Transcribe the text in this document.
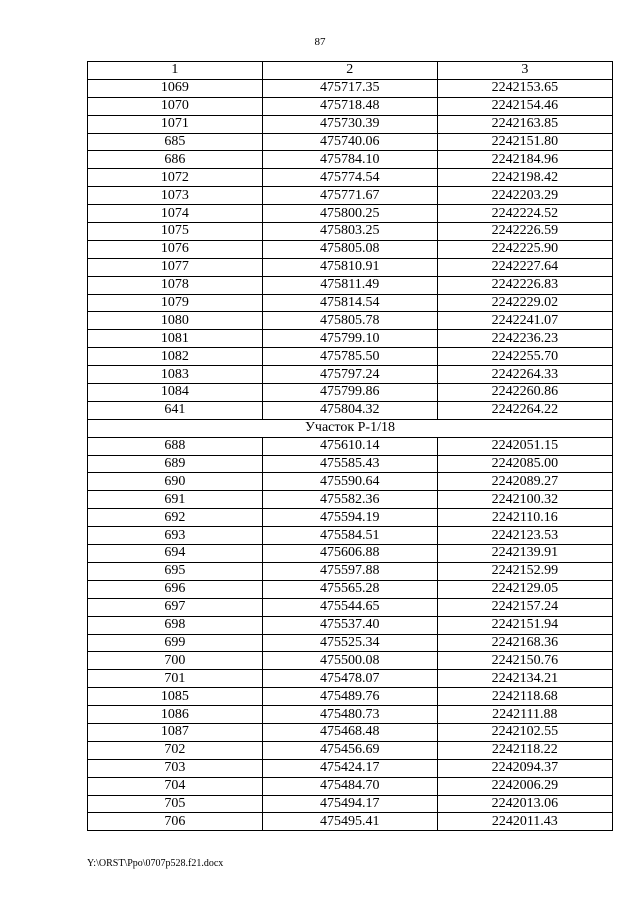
87
1	2	3
1069	475717.35	2242153.65
1070	475718.48	2242154.46
1071	475730.39	2242163.85
685	475740.06	2242151.80
686	475784.10	2242184.96
1072	475774.54	2242198.42
1073	475771.67	2242203.29
1074	475800.25	2242224.52
1075	475803.25	2242226.59
1076	475805.08	2242225.90
1077	475810.91	2242227.64
1078	475811.49	2242226.83
1079	475814.54	2242229.02
1080	475805.78	2242241.07
1081	475799.10	2242236.23
1082	475785.50	2242255.70
1083	475797.24	2242264.33
1084	475799.86	2242260.86
641	475804.32	2242264.22
Участок Р-1/18		
688	475610.14	2242051.15
689	475585.43	2242085.00
690	475590.64	2242089.27
691	475582.36	2242100.32
692	475594.19	2242110.16
693	475584.51	2242123.53
694	475606.88	2242139.91
695	475597.88	2242152.99
696	475565.28	2242129.05
697	475544.65	2242157.24
698	475537.40	2242151.94
699	475525.34	2242168.36
700	475500.08	2242150.76
701	475478.07	2242134.21
1085	475489.76	2242118.68
1086	475480.73	2242111.88
1087	475468.48	2242102.55
702	475456.69	2242118.22
703	475424.17	2242094.37
704	475484.70	2242006.29
705	475494.17	2242013.06
706	475495.41	2242011.43
Y:\ORST\Ppo\0707p528.f21.docx
